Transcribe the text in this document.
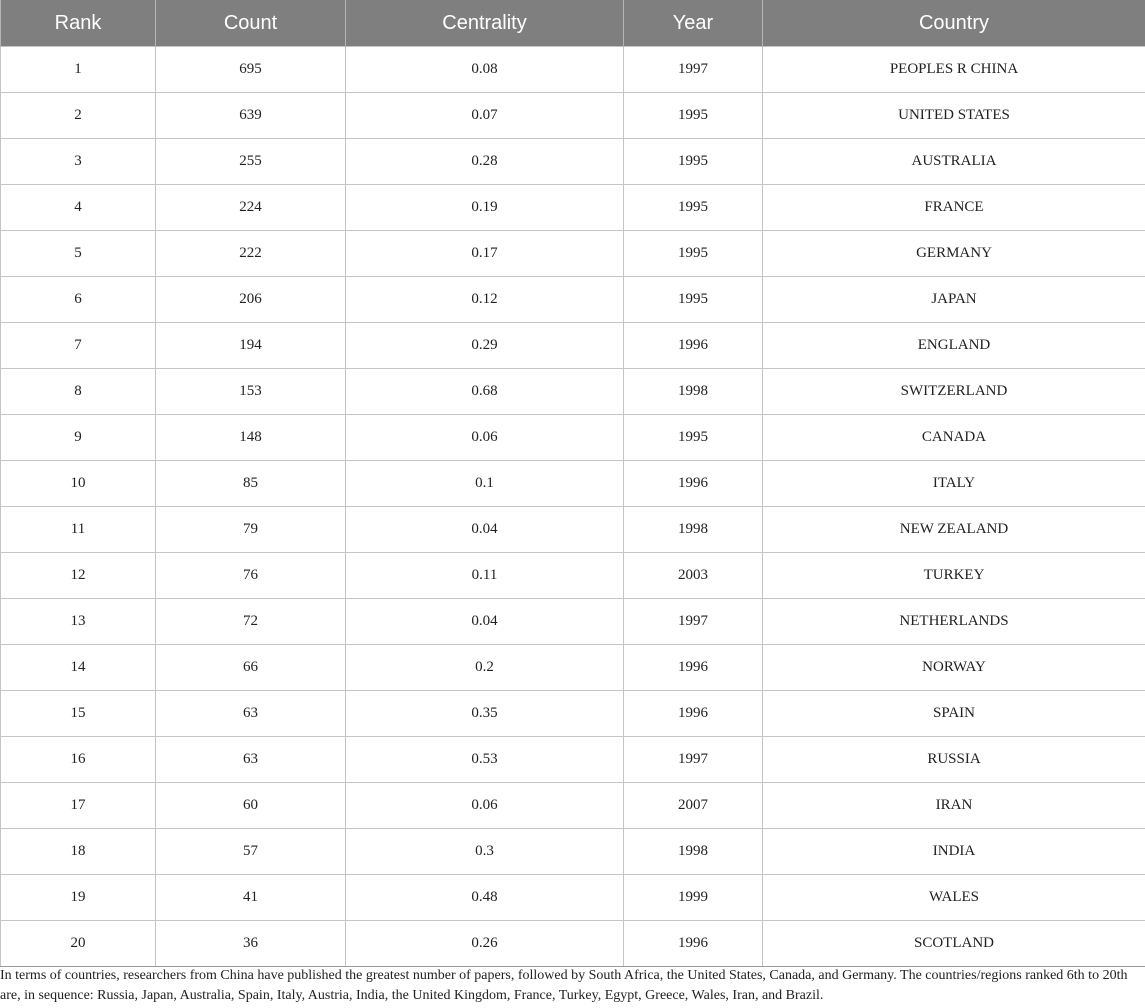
Rank	Count	Centrality	Year	Country
1	695	0.08	1997	PEOPLES R CHINA
2	639	0.07	1995	UNITED STATES
3	255	0.28	1995	AUSTRALIA
4	224	0.19	1995	FRANCE
5	222	0.17	1995	GERMANY
6	206	0.12	1995	JAPAN
7	194	0.29	1996	ENGLAND
8	153	0.68	1998	SWITZERLAND
9	148	0.06	1995	CANADA
10	85	0.1	1996	ITALY
11	79	0.04	1998	NEW ZEALAND
12	76	0.11	2003	TURKEY
13	72	0.04	1997	NETHERLANDS
14	66	0.2	1996	NORWAY
15	63	0.35	1996	SPAIN
16	63	0.53	1997	RUSSIA
17	60	0.06	2007	IRAN
18	57	0.3	1998	INDIA
19	41	0.48	1999	WALES
20	36	0.26	1996	SCOTLAND

In terms of countries, researchers from China have published the greatest number of papers, followed by South Africa, the United States, Canada, and Germany. The countries/regions ranked 6th to 20th are, in sequence: Russia, Japan, Australia, Spain, Italy, Austria, India, the United Kingdom, France, Turkey, Egypt, Greece, Wales, Iran, and Brazil.
